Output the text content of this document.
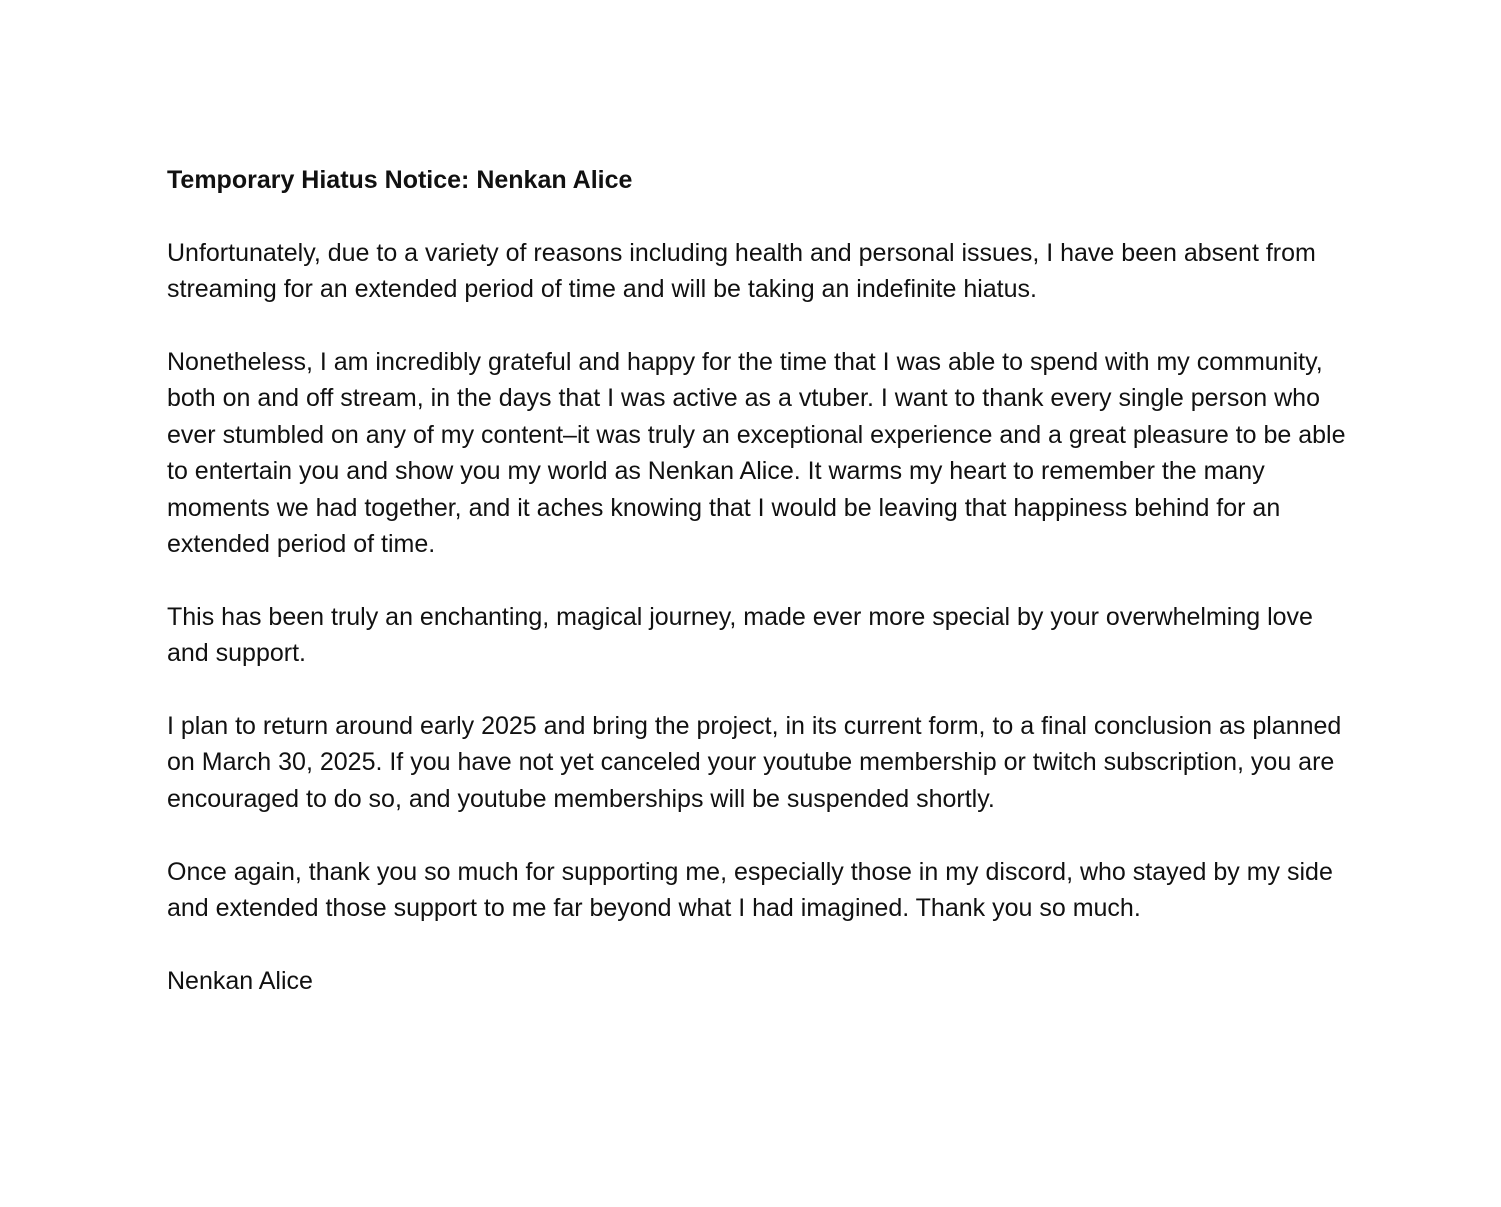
Temporary Hiatus Notice: Nenkan Alice

Unfortunately, due to a variety of reasons including health and personal issues, I have been absent from streaming for an extended period of time and will be taking an indefinite hiatus.

Nonetheless, I am incredibly grateful and happy for the time that I was able to spend with my community, both on and off stream, in the days that I was active as a vtuber. I want to thank every single person who ever stumbled on any of my content–it was truly an exceptional experience and a great pleasure to be able to entertain you and show you my world as Nenkan Alice. It warms my heart to remember the many moments we had together, and it aches knowing that I would be leaving that happiness behind for an extended period of time.

This has been truly an enchanting, magical journey, made ever more special by your overwhelming love and support.

I plan to return around early 2025 and bring the project, in its current form, to a final conclusion as planned on March 30, 2025. If you have not yet canceled your youtube membership or twitch subscription, you are encouraged to do so, and youtube memberships will be suspended shortly.

Once again, thank you so much for supporting me, especially those in my discord, who stayed by my side and extended those support to me far beyond what I had imagined. Thank you so much.

Nenkan Alice
